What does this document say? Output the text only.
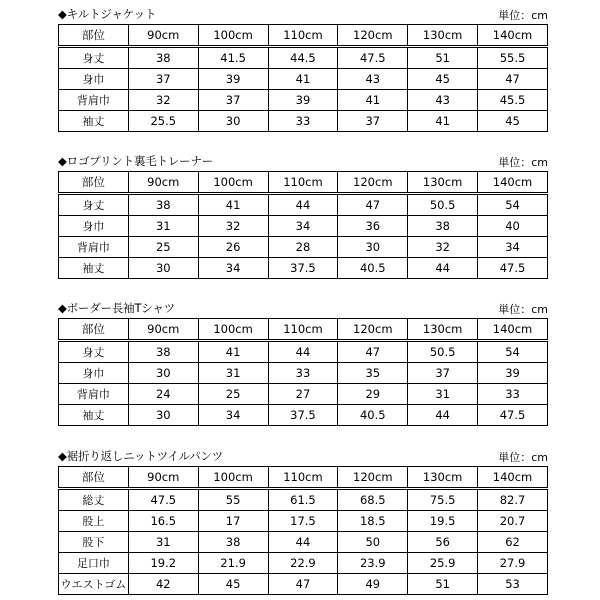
◆キルトジャケット	単位：cm
部位	90cm	100cm	110cm	120cm	130cm	140cm
身丈	38	41.5	44.5	47.5	51	55.5
身巾	37	39	41	43	45	47
背肩巾	32	37	39	41	43	45.5
袖丈	25.5	30	33	37	41	45
◆ロゴプリント裏毛トレーナー	単位：cm
部位	90cm	100cm	110cm	120cm	130cm	140cm
身丈	38	41	44	47	50.5	54
身巾	31	32	34	36	38	40
背肩巾	25	26	28	30	32	34
袖丈	30	34	37.5	40.5	44	47.5
◆ボーダー長袖Tシャツ	単位：cm
部位	90cm	100cm	110cm	120cm	130cm	140cm
身丈	38	41	44	47	50.5	54
身巾	30	31	33	35	37	39
背肩巾	24	25	27	29	31	33
袖丈	30	34	37.5	40.5	44	47.5
◆裾折り返しニットツイルパンツ	単位：cm
部位	90cm	100cm	110cm	120cm	130cm	140cm
総丈	47.5	55	61.5	68.5	75.5	82.7
股上	16.5	17	17.5	18.5	19.5	20.7
股下	31	38	44	50	56	62
足口巾	19.2	21.9	22.9	23.9	25.9	27.9
ウエストゴム	42	45	47	49	51	53
